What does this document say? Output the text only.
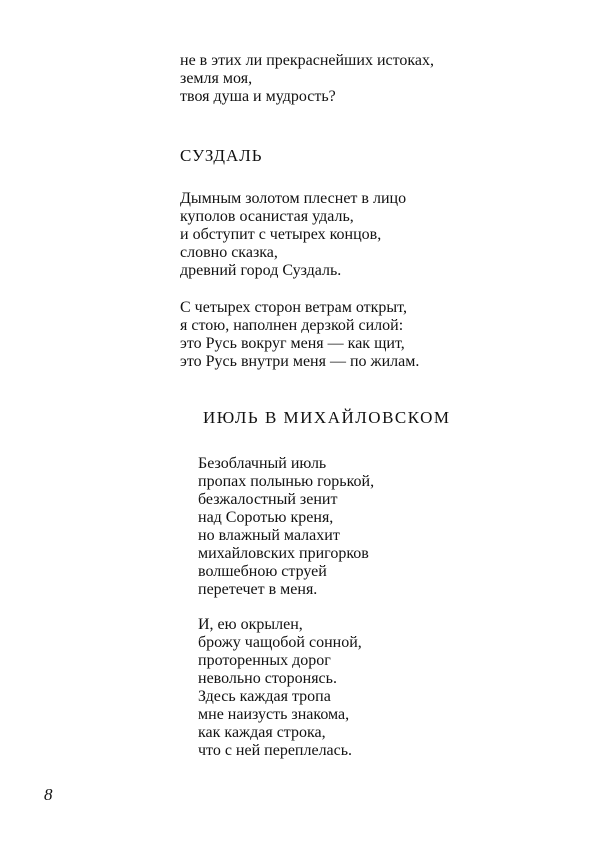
не в этих ли прекраснейших истоках,
земля моя,
твоя душа и мудрость?

СУЗДАЛЬ

Дымным золотом плеснет в лицо
куполов осанистая удаль,
и обступит с четырех концов,
словно сказка,
древний город Суздаль.

С четырех сторон ветрам открыт,
я стою, наполнен дерзкой силой:
это Русь вокруг меня — как щит,
это Русь внутри меня — по жилам.

ИЮЛЬ В МИХАЙЛОВСКОМ

Безоблачный июль
пропах полынью горькой,
безжалостный зенит
над Соротью креня,
но влажный малахит
михайловских пригорков
волшебною струей
перетечет в меня.

И, ею окрылен,
брожу чащобой сонной,
проторенных дорог
невольно сторонясь.
Здесь каждая тропа
мне наизусть знакома,
как каждая строка,
что с ней переплелась.

8
